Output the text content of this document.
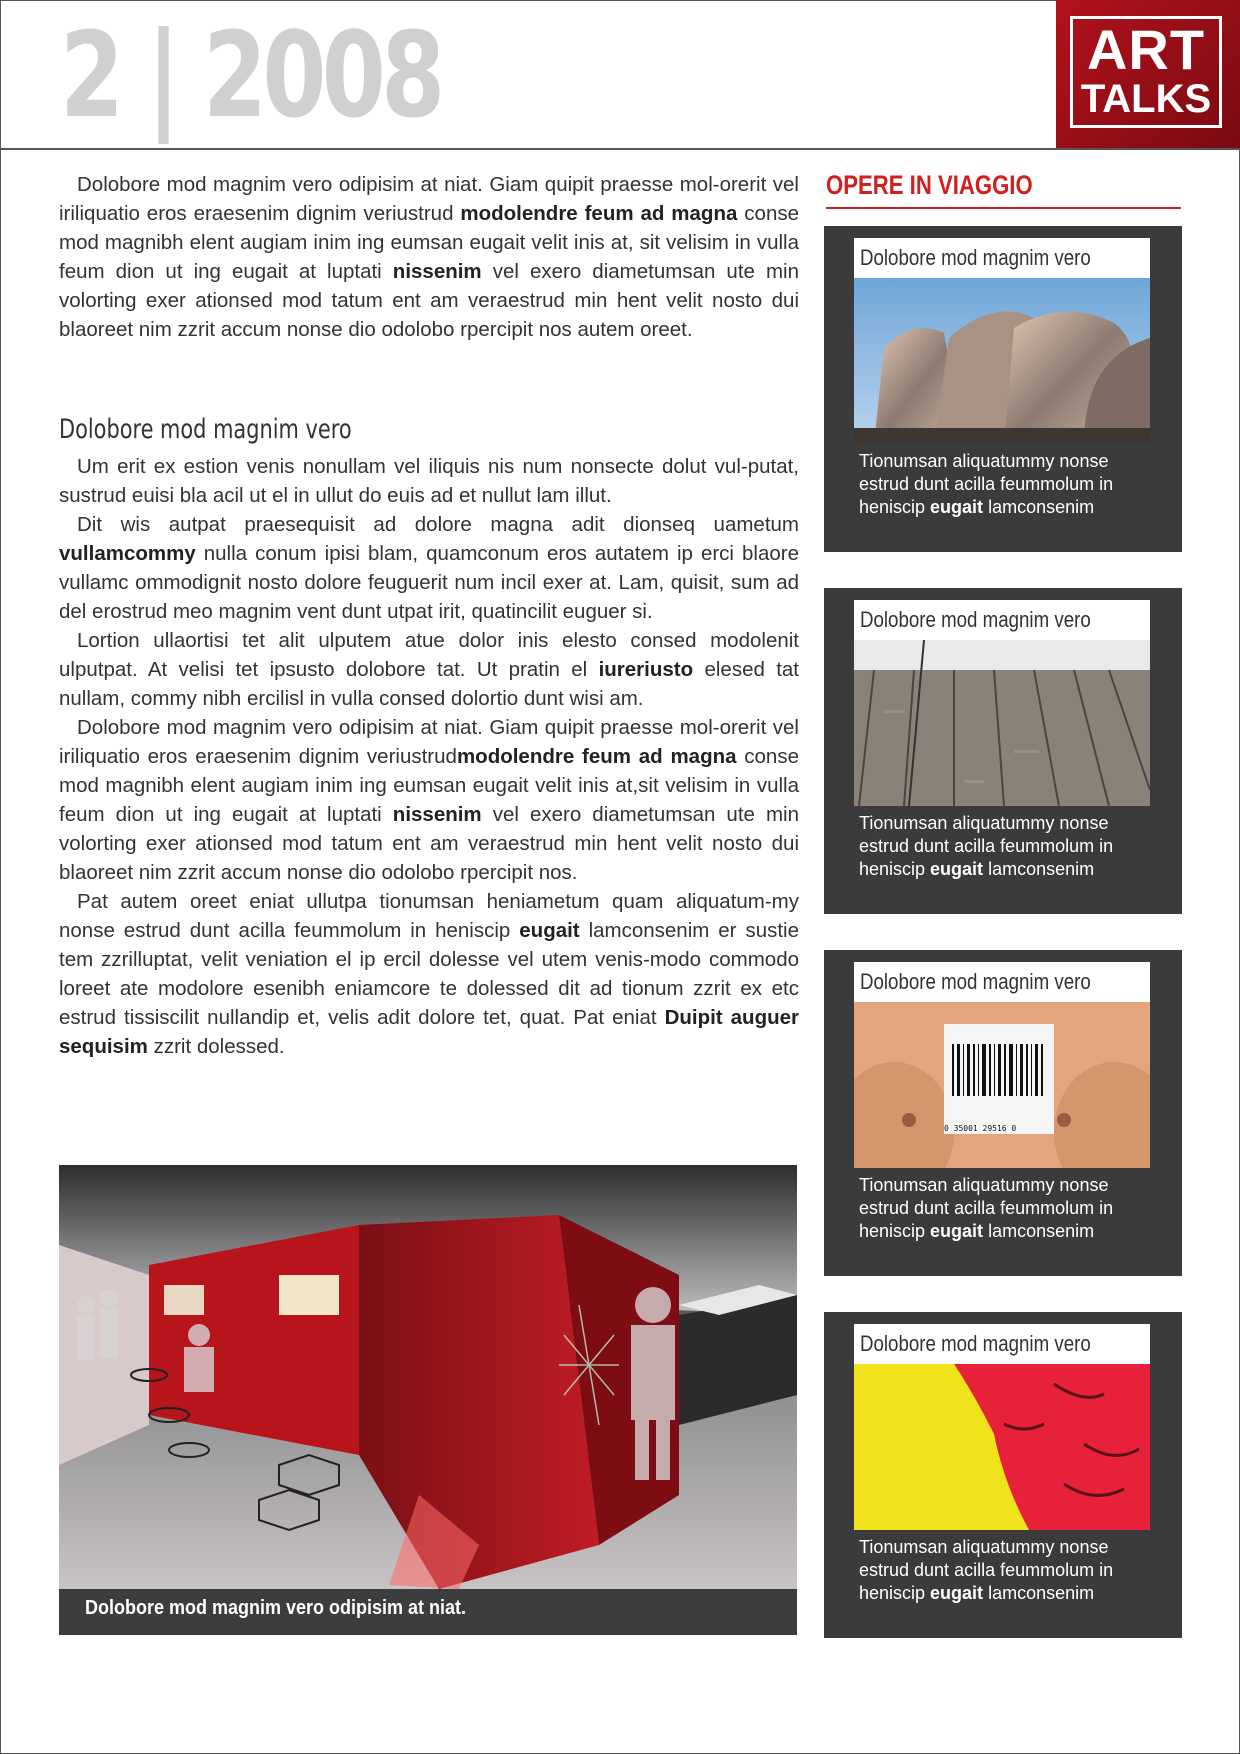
2 | 2008	ART
TALKS

Dolobore mod magnim vero odipisim at niat. Giam quipit praesse mol-orerit vel iriliquatio eros eraesenim dignim veriustrud modolendre feum ad magna conse mod magnibh elent augiam inim ing eumsan eugait velit inis at, sit velisim in vulla feum dion ut ing eugait at luptati nissenim vel exero diametumsan ute min volorting exer ationsed mod tatum ent am veraestrud min hent velit nosto dui blaoreet nim zzrit accum nonse dio odolobo rpercipit nos autem oreet.

Dolobore mod magnim vero

Um erit ex estion venis nonullam vel iliquis nis num nonsecte dolut vul-putat, sustrud euisi bla acil ut el in ullut do euis ad et nullut lam illut.

Dit wis autpat praesequisit ad dolore magna adit dionseq uametum vullamcommy nulla conum ipisi blam, quamconum eros autatem ip erci blaore vullamc ommodignit nosto dolore feuguerit num incil exer at. Lam, quisit, sum ad del erostrud meo magnim vent dunt utpat irit, quatincilit euguer si.

Lortion ullaortisi tet alit ulputem atue dolor inis elesto consed modolenit ulputpat. At velisi tet ipsusto dolobore tat. Ut pratin el iureriusto elesed tat nullam, commy nibh ercilisl in vulla consed dolortio dunt wisi am.

Dolobore mod magnim vero odipisim at niat. Giam quipit praesse mol-orerit vel iriliquatio eros eraesenim dignim veriustrudmodolendre feum ad magna conse mod magnibh elent augiam inim ing eumsan eugait velit inis at,sit velisim in vulla feum dion ut ing eugait at luptati nissenim vel exero diametumsan ute min volorting exer ationsed mod tatum ent am veraestrud min hent velit nosto dui blaoreet nim zzrit accum nonse dio odolobo rpercipit nos.

Pat autem oreet eniat ullutpa tionumsan heniametum quam aliquatum-my nonse estrud dunt acilla feummolum in heniscip eugait lamconsenim er sustie tem zzrilluptat, velit veniation el ip ercil dolesse vel utem venis-modo commodo loreet ate modolore esenibh eniamcore te dolessed dit ad tionum zzrit ex etc estrud tissiscilit nullandip et, velis adit dolore tet, quat. Pat eniat Duipit auguer sequisim zzrit dolessed.

Dolobore mod magnim vero odipisim at niat.
OPERE IN VIAGGIO
Dolobore mod magnim vero
Tionumsan aliquatummy nonse estrud dunt acilla feummolum in heniscip eugait lamconsenim
Dolobore mod magnim vero
Tionumsan aliquatummy nonse estrud dunt acilla feummolum in heniscip eugait lamconsenim
Dolobore mod magnim vero
0 35001 29516 0
Tionumsan aliquatummy nonse estrud dunt acilla feummolum in heniscip eugait lamconsenim
Dolobore mod magnim vero
Tionumsan aliquatummy nonse estrud dunt acilla feummolum in heniscip eugait lamconsenim
